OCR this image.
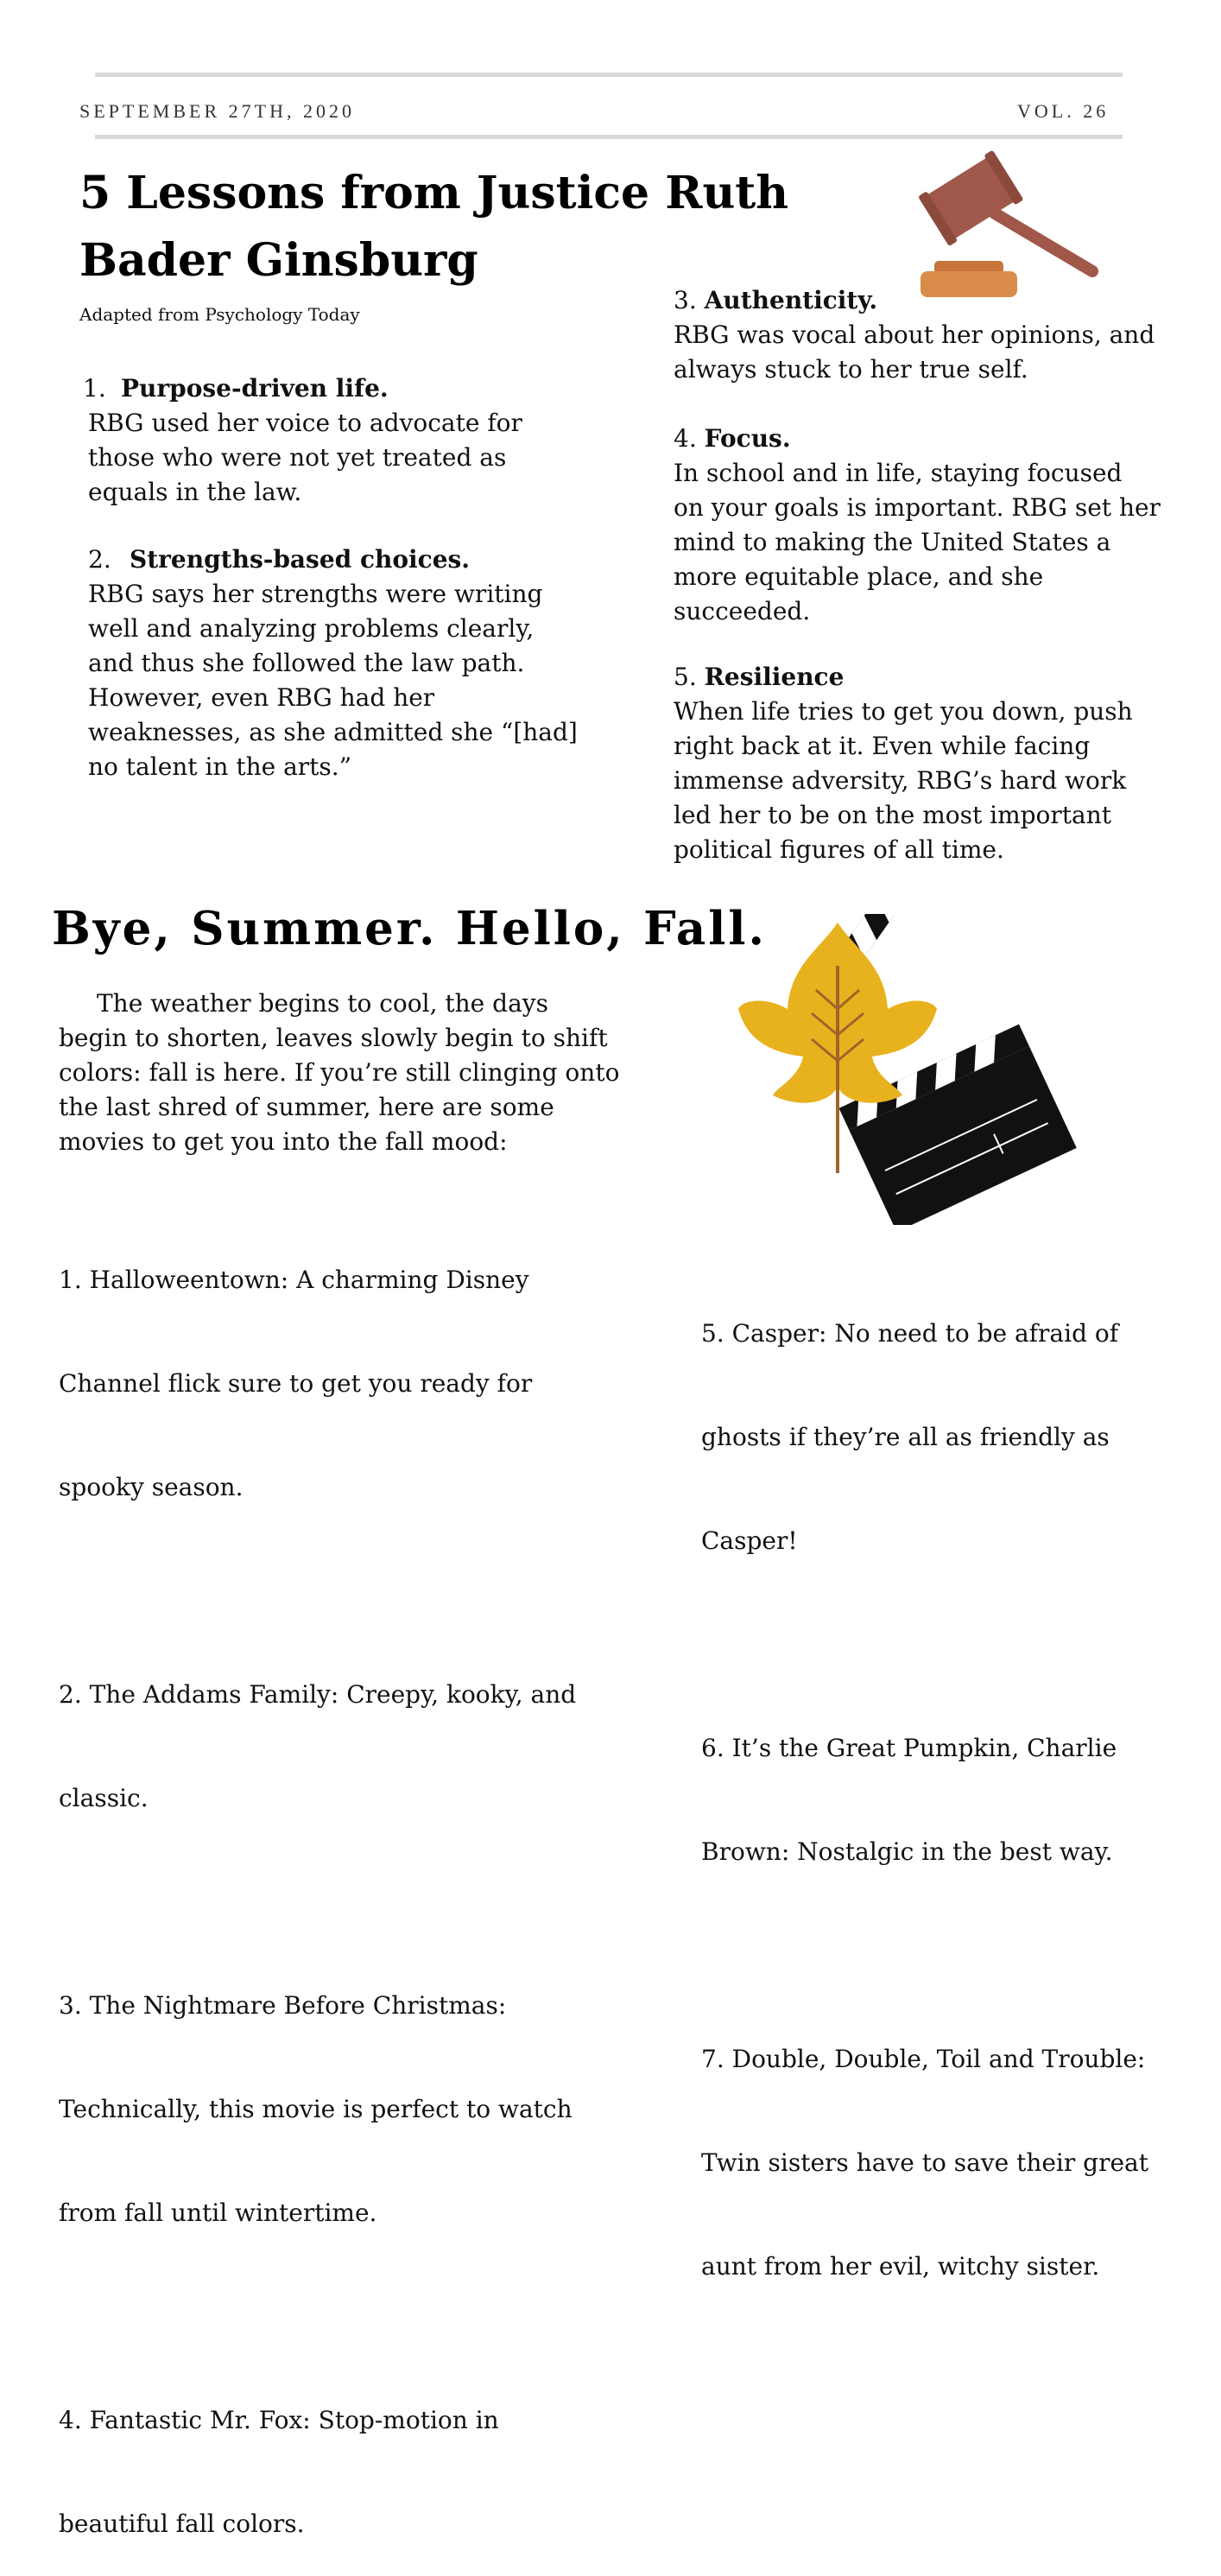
SEPTEMBER 27TH, 2020	VOL. 26
5 Lessons from Justice Ruth
Bader Ginsburg
Adapted from Psychology Today
1. Purpose-driven life.
RBG used her voice to advocate for
those who were not yet treated as
equals in the law.
2. Strengths-based choices.
RBG says her strengths were writing
well and analyzing problems clearly,
and thus she followed the law path.
However, even RBG had her
weaknesses, as she admitted she “[had]
no talent in the arts.”
3. Authenticity.
RBG was vocal about her opinions, and
always stuck to her true self.
4. Focus.
In school and in life, staying focused
on your goals is important. RBG set her
mind to making the United States a
more equitable place, and she
succeeded.
5. Resilience
When life tries to get you down, push
right back at it. Even while facing
immense adversity, RBG’s hard work
led her to be on the most important
political figures of all time.
Bye, Summer. Hello, Fall.
The weather begins to cool, the days
begin to shorten, leaves slowly begin to shift
colors: fall is here. If you’re still clinging onto
the last shred of summer, here are some
movies to get you into the fall mood:

1. Halloweentown: A charming Disney

Channel flick sure to get you ready for

spooky season.

2. The Addams Family: Creepy, kooky, and

classic.

3. The Nightmare Before Christmas:

Technically, this movie is perfect to watch

from fall until wintertime.

4. Fantastic Mr. Fox: Stop-motion in

beautiful fall colors.

5. Casper: No need to be afraid of

ghosts if they’re all as friendly as

Casper!

6. It’s the Great Pumpkin, Charlie

Brown: Nostalgic in the best way.

7. Double, Double, Toil and Trouble:

Twin sisters have to save their great

aunt from her evil, witchy sister.
